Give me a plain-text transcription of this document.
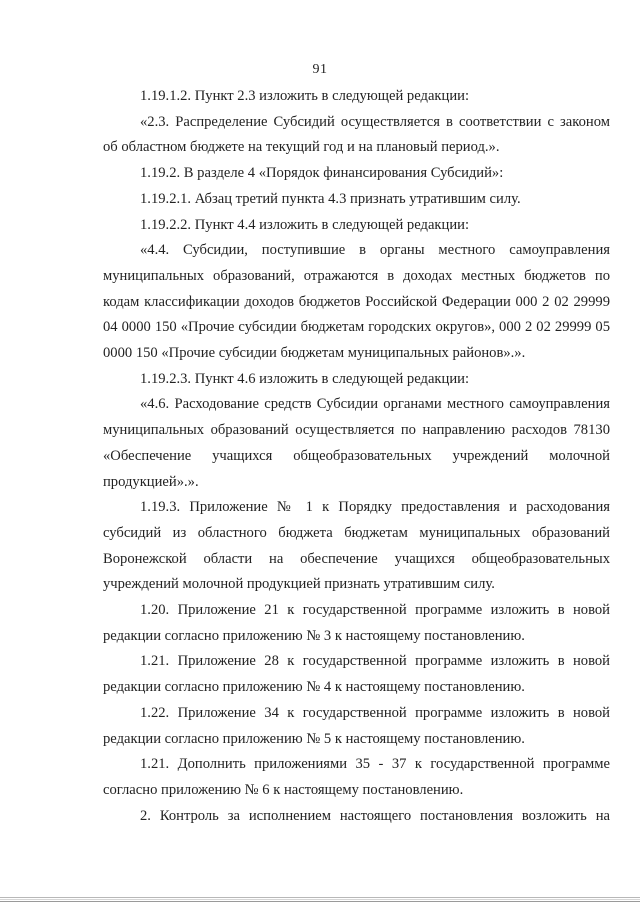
91

1.19.1.2. Пункт 2.3 изложить в следующей редакции:

«2.3. Распределение Субсидий осуществляется в соответствии с законом об областном бюджете на текущий год и на плановый период.».

1.19.2. В разделе 4 «Порядок финансирования Субсидий»:

1.19.2.1. Абзац третий пункта 4.3 признать утратившим силу.

1.19.2.2. Пункт 4.4 изложить в следующей редакции:

«4.4. Субсидии, поступившие в органы местного самоуправления муниципальных образований, отражаются в доходах местных бюджетов по кодам классификации доходов бюджетов Российской Федерации 000 2 02 29999 04 0000 150 «Прочие субсидии бюджетам городских округов», 000 2 02 29999 05 0000 150 «Прочие субсидии бюджетам муниципальных районов».».

1.19.2.3. Пункт 4.6 изложить в следующей редакции:

«4.6. Расходование средств Субсидии органами местного самоуправления муниципальных образований осуществляется по направлению расходов 78130 «Обеспечение учащихся общеобразовательных учреждений молочной продукцией».».

1.19.3. Приложение № 1 к Порядку предоставления и расходования субсидий из областного бюджета бюджетам муниципальных образований Воронежской области на обеспечение учащихся общеобразовательных учреждений молочной продукцией признать утратившим силу.

1.20. Приложение 21 к государственной программе изложить в новой редакции согласно приложению № 3 к настоящему постановлению.

1.21. Приложение 28 к государственной программе изложить в новой редакции согласно приложению № 4 к настоящему постановлению.

1.22. Приложение 34 к государственной программе изложить в новой редакции согласно приложению № 5 к настоящему постановлению.

1.21. Дополнить приложениями 35 - 37 к государственной программе согласно приложению № 6 к настоящему постановлению.

2. Контроль за исполнением настоящего постановления возложить на
